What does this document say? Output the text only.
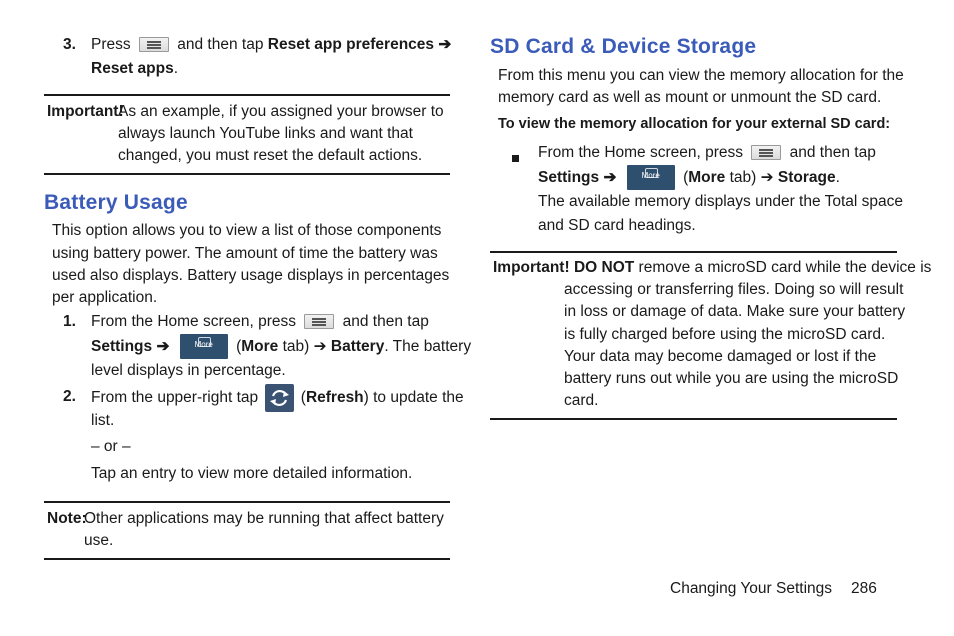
3. Press	and then tap Reset app preferences ➔
Reset apps.
Important!
As an example, if you assigned your browser to
always launch YouTube links and want that
changed, you must reset the default actions.
Battery Usage
This option allows you to view a list of those components
using battery power. The amount of time the battery was
used also displays. Battery usage displays in percentages
per application.
1. From the Home screen, press	and then tap
Settings ➔	More	(More tab) ➔ Battery. The battery
level displays in percentage.
2. From the upper-right tap	(Refresh) to update the
list.
– or –
Tap an entry to view more detailed information.
Note:
Other applications may be running that affect battery
use.
SD Card & Device Storage
From this menu you can view the memory allocation for the
memory card as well as mount or unmount the SD card.
To view the memory allocation for your external SD card:
From the Home screen, press	and then tap
Settings ➔	More	(More tab) ➔ Storage.
The available memory displays under the Total space
and SD card headings.
Important! DO NOT remove a microSD card while the device is
accessing or transferring files. Doing so will result
in loss or damage of data. Make sure your battery
is fully charged before using the microSD card.
Your data may become damaged or lost if the
battery runs out while you are using the microSD
card.
Changing Your Settings 286
